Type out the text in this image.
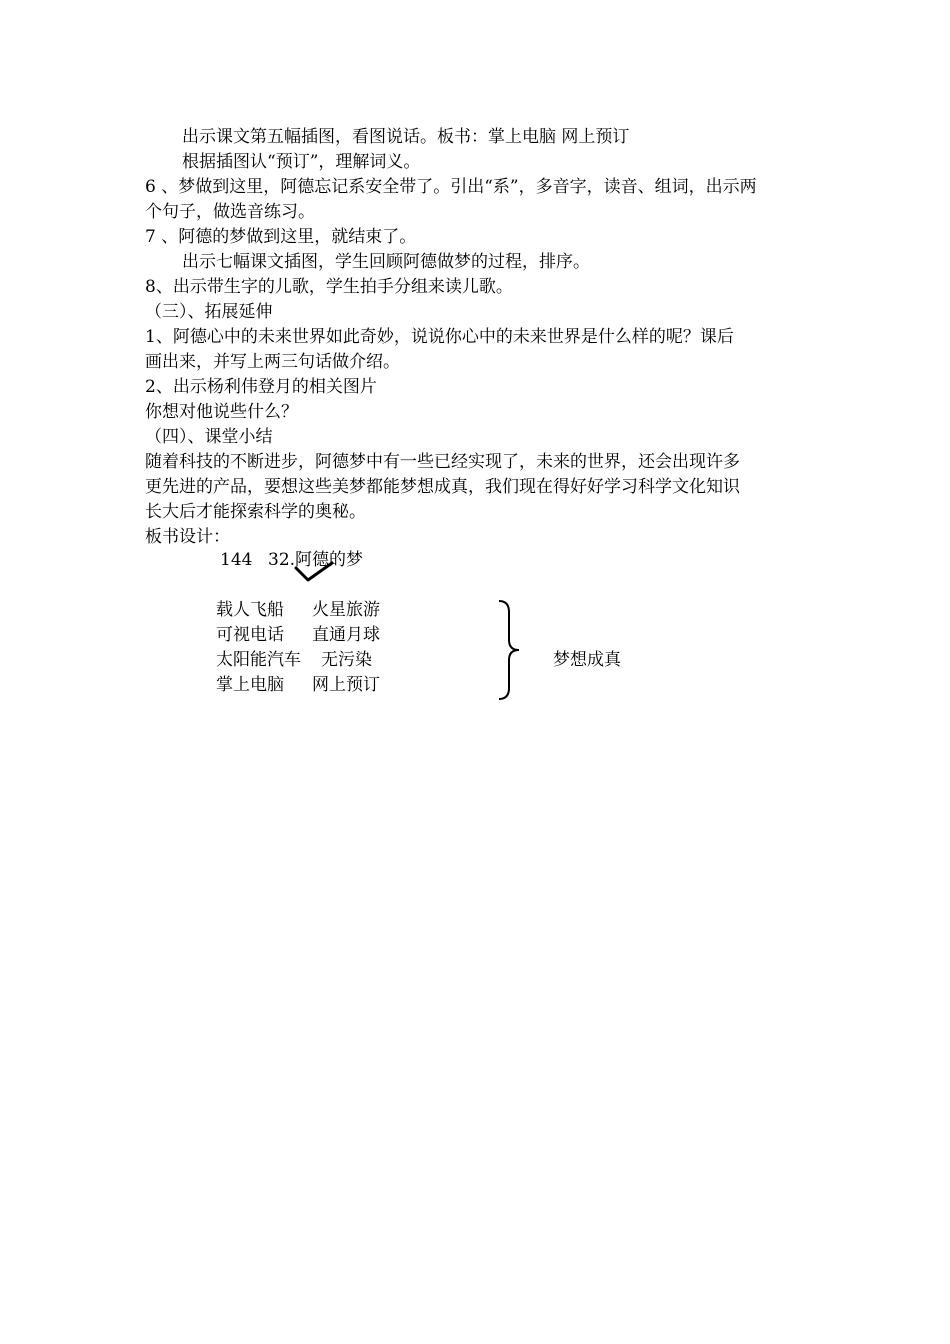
出示课文第五幅插图，看图说话。板书：掌上电脑 网上预订
根据插图认“预订”，理解词义。
6 、梦做到这里，阿德忘记系安全带了。引出“系”，多音字，读音、组词，出示两
个句子，做选音练习。
7 、阿德的梦做到这里，就结束了。
出示七幅课文插图，学生回顾阿德做梦的过程，排序。
8、出示带生字的儿歌，学生拍手分组来读儿歌。
（三）、拓展延伸
1、阿德心中的未来世界如此奇妙，说说你心中的未来世界是什么样的呢？课后
画出来，并写上两三句话做介绍。
2、出示杨利伟登月的相关图片
你想对他说些什么？
（四）、课堂小结
随着科技的不断进步，阿德梦中有一些已经实现了，未来的世界，还会出现许多
更先进的产品，要想这些美梦都能梦想成真，我们现在得好好学习科学文化知识
长大后才能探索科学的奥秘。
板书设计：
144 32.阿德的梦
载人飞船 火星旅游
可视电话 直通月球
太阳能汽车 无污染
掌上电脑 网上预订
梦想成真
